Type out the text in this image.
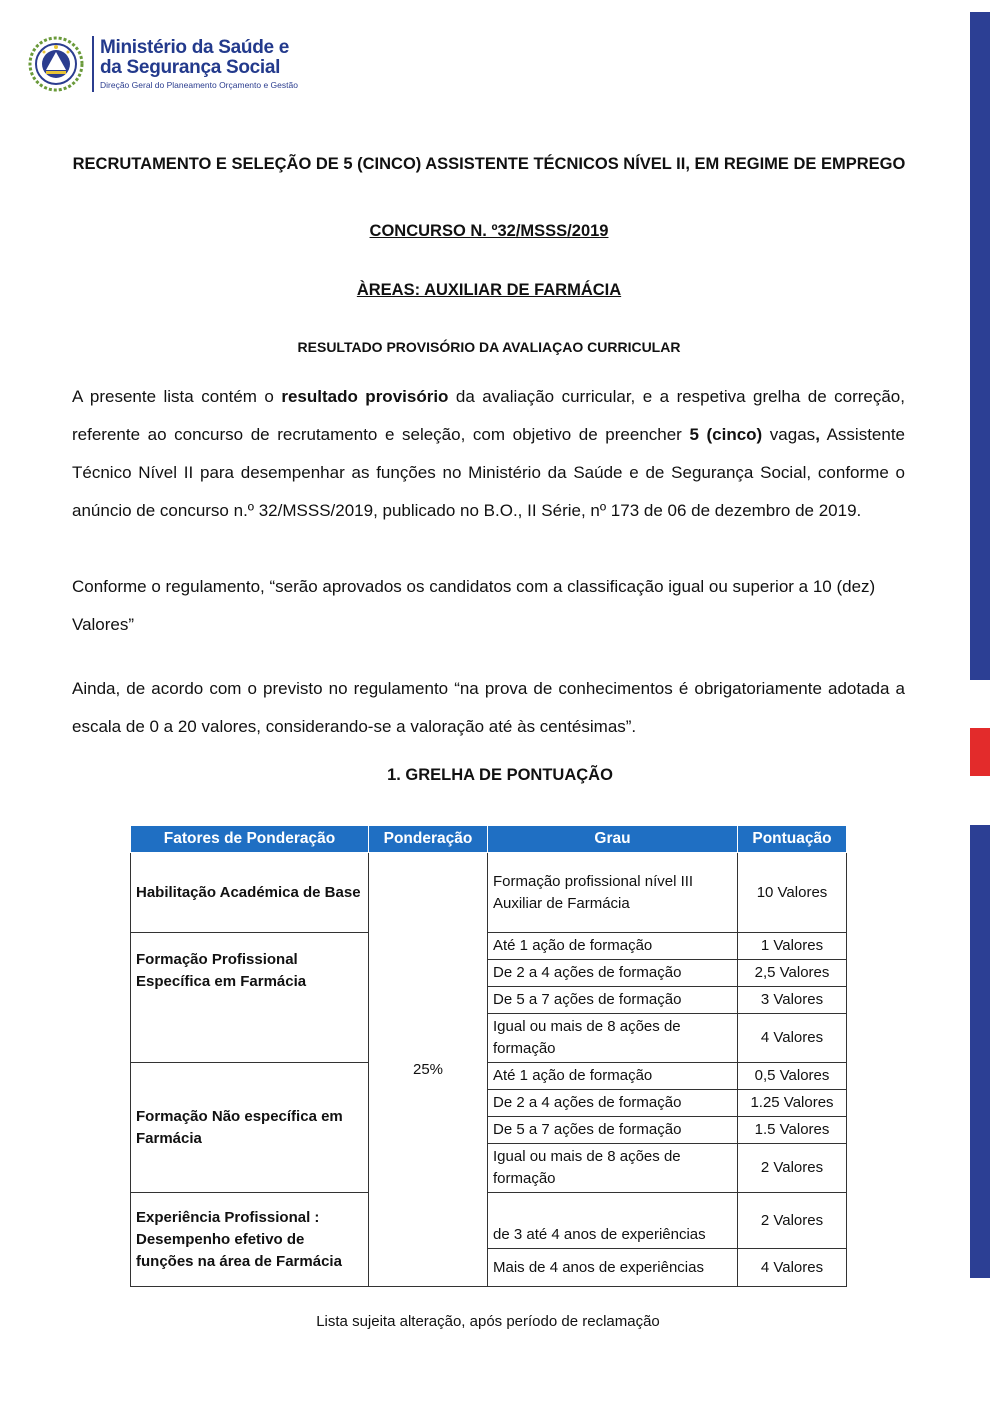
Ministério da Saúde e
da Segurança Social
Direção Geral do Planeamento Orçamento e Gestão
RECRUTAMENTO E SELEÇÃO DE 5 (CINCO) ASSISTENTE TÉCNICOS NÍVEL II, EM REGIME DE EMPREGO
CONCURSO N. º32/MSSS/2019
ÀREAS: AUXILIAR DE FARMÁCIA
RESULTADO PROVISÓRIO DA AVALIAÇAO CURRICULAR
A presente lista contém o resultado provisório da avaliação curricular, e a respetiva grelha de correção, referente ao concurso de recrutamento e seleção, com objetivo de preencher 5 (cinco) vagas, Assistente Técnico Nível II para desempenhar as funções no Ministério da Saúde e de Segurança Social, conforme o anúncio de concurso n.º 32/MSSS/2019, publicado no B.O., II Série, nº 173 de 06 de dezembro de 2019.
Conforme o regulamento, “serão aprovados os candidatos com a classificação igual ou superior a 10 (dez) Valores”
Ainda, de acordo com o previsto no regulamento “na prova de conhecimentos é obrigatoriamente adotada a escala de 0 a 20 valores, considerando-se a valoração até às centésimas”.
1. GRELHA DE PONTUAÇÃO
Fatores de Ponderação	Ponderação	Grau	Pontuação
Habilitação Académica de Base	25%	Formação profissional nível III Auxiliar de Farmácia	10 Valores
Formação Profissional Específica em Farmácia		Até 1 ação de formação	1 Valores
		De 2 a 4 ações de formação	2,5 Valores
		De 5 a 7 ações de formação	3 Valores
		Igual ou mais de 8 ações de formação	4 Valores
Formação Não específica em Farmácia		Até 1 ação de formação	0,5 Valores
		De 2 a 4 ações de formação	1.25 Valores
		De 5 a 7 ações de formação	1.5 Valores
		Igual ou mais de 8 ações de formação	2 Valores
Experiência Profissional : Desempenho efetivo de funções na área de Farmácia		de 3 até 4 anos de experiências	2 Valores
		Mais de 4 anos de experiências	4 Valores
Lista sujeita alteração, após período de reclamação
